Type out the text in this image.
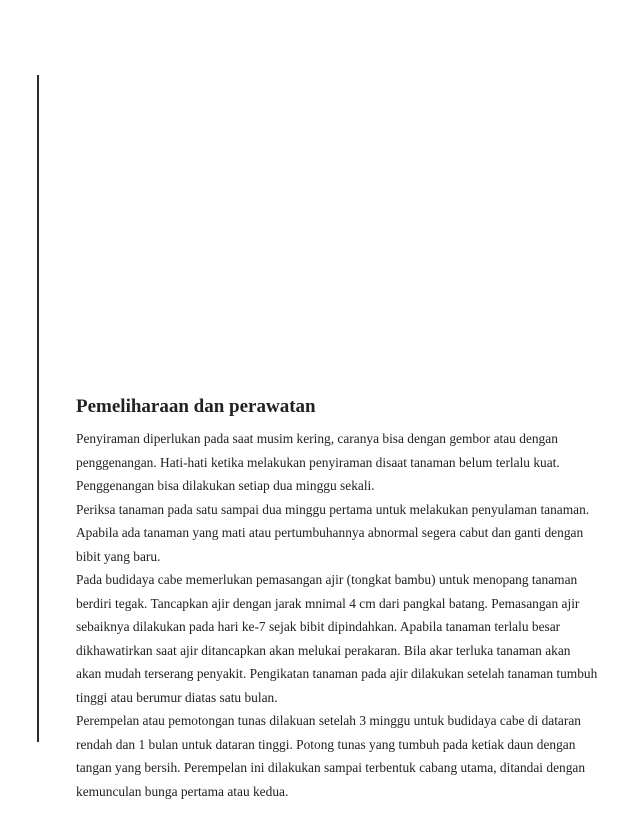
Pemeliharaan dan perawatan
Penyiraman diperlukan pada saat musim kering, caranya bisa dengan gembor atau dengan
penggenangan. Hati-hati ketika melakukan penyiraman disaat tanaman belum terlalu kuat.
Penggenangan bisa dilakukan setiap dua minggu sekali.
Periksa tanaman pada satu sampai dua minggu pertama untuk melakukan penyulaman tanaman.
Apabila ada tanaman yang mati atau pertumbuhannya abnormal segera cabut dan ganti dengan
bibit yang baru.
Pada budidaya cabe memerlukan pemasangan ajir (tongkat bambu) untuk menopang tanaman
berdiri tegak. Tancapkan ajir dengan jarak mnimal 4 cm dari pangkal batang. Pemasangan ajir
sebaiknya dilakukan pada hari ke-7 sejak bibit dipindahkan. Apabila tanaman terlalu besar
dikhawatirkan saat ajir ditancapkan akan melukai perakaran. Bila akar terluka tanaman akan
akan mudah terserang penyakit. Pengikatan tanaman pada ajir dilakukan setelah tanaman tumbuh
tinggi atau berumur diatas satu bulan.
Perempelan atau pemotongan tunas dilakuan setelah 3 minggu untuk budidaya cabe di dataran
rendah dan 1 bulan untuk dataran tinggi. Potong tunas yang tumbuh pada ketiak daun dengan
tangan yang bersih. Perempelan ini dilakukan sampai terbentuk cabang utama, ditandai dengan
kemunculan bunga pertama atau kedua.
